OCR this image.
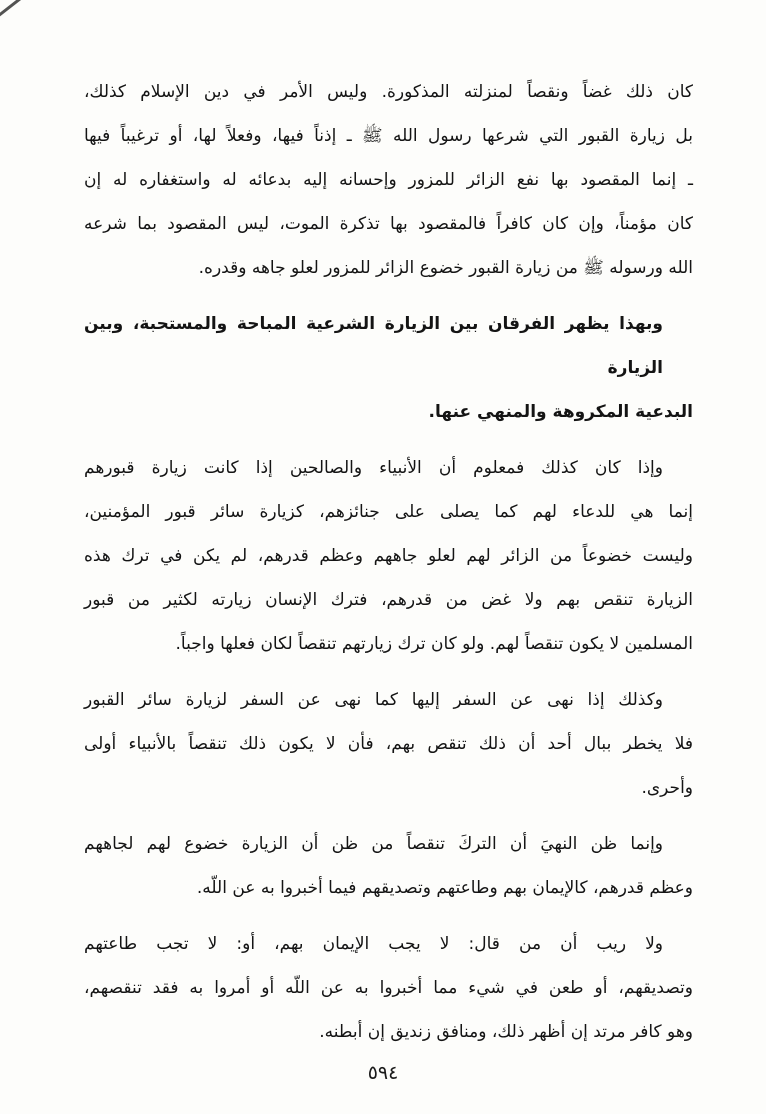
كان ذلك غضاً ونقصاً لمنزلته المذكورة. وليس الأمر في دين الإسلام كذلك،
بل زيارة القبور التي شرعها رسول الله ﷺ ـ إذناً فيها، وفعلاً لها، أو ترغيباً فيها
ـ إنما المقصود بها نفع الزائر للمزور وإحسانه إليه بدعائه له واستغفاره له إن
كان مؤمناً، وإن كان كافراً فالمقصود بها تذكرة الموت، ليس المقصود بما شرعه
الله ورسوله ﷺ من زيارة القبور خضوع الزائر للمزور لعلو جاهه وقدره.
وبهذا يظهر الفرقان بين الزيارة الشرعية المباحة والمستحبة، وبين الزيارة
البدعية المكروهة والمنهي عنها.
وإذا كان كذلك فمعلوم أن الأنبياء والصالحين إذا كانت زيارة قبورهم
إنما هي للدعاء لهم كما يصلى على جنائزهم، كزيارة سائر قبور المؤمنين،
وليست خضوعاً من الزائر لهم لعلو جاههم وعظم قدرهم، لم يكن في ترك هذه
الزيارة تنقص بهم ولا غض من قدرهم، فترك الإنسان زيارته لكثير من قبور
المسلمين لا يكون تنقصاً لهم. ولو كان ترك زيارتهم تنقصاً لكان فعلها واجباً.
وكذلك إذا نهى عن السفر إليها كما نهى عن السفر لزيارة سائر القبور
فلا يخطر ببال أحد أن ذلك تنقص بهم، فأن لا يكون ذلك تنقصاً بالأنبياء أولى
وأحرى.
وإنما ظن النهيَ أن التركَ تنقصاً من ظن أن الزيارة خضوع لهم لجاههم
وعظم قدرهم، كالإيمان بهم وطاعتهم وتصديقهم فيما أخبروا به عن اللّه.
ولا ريب أن من قال: لا يجب الإيمان بهم، أو: لا تجب طاعتهم
وتصديقهم، أو طعن في شيء مما أخبروا به عن اللّه أو أمروا به فقد تنقصهم،
وهو كافر مرتد إن أظهر ذلك، ومنافق زنديق إن أبطنه.
٥٩٤
